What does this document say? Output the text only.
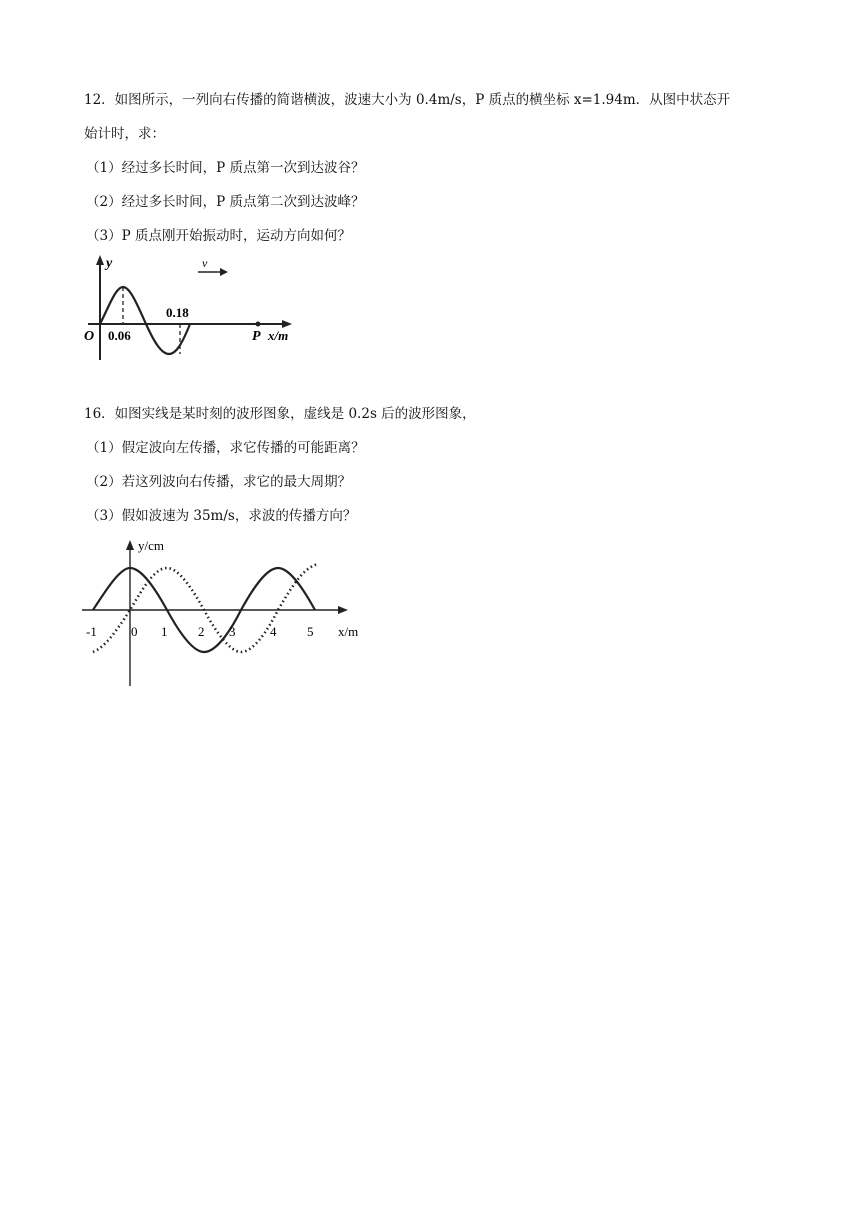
12．如图所示，一列向右传播的简谐横波，波速大小为 0.4m/s，P 质点的横坐标 x=1.94m．从图中状态开
始计时，求：
（1）经过多长时间，P 质点第一次到达波谷？
（2）经过多长时间，P 质点第二次到达波峰？
（3）P 质点刚开始振动时，运动方向如何？
y	v
O 0.06
0.18
P x/m
16．如图实线是某时刻的波形图象，虚线是 0.2s 后的波形图象，
（1）假定波向左传播，求它传播的可能距离？
（2）若这列波向右传播，求它的最大周期？
（3）假如波速为 35m/s，求波的传播方向？
y/cm
x/m
-1	0 1 2 3	4 5
